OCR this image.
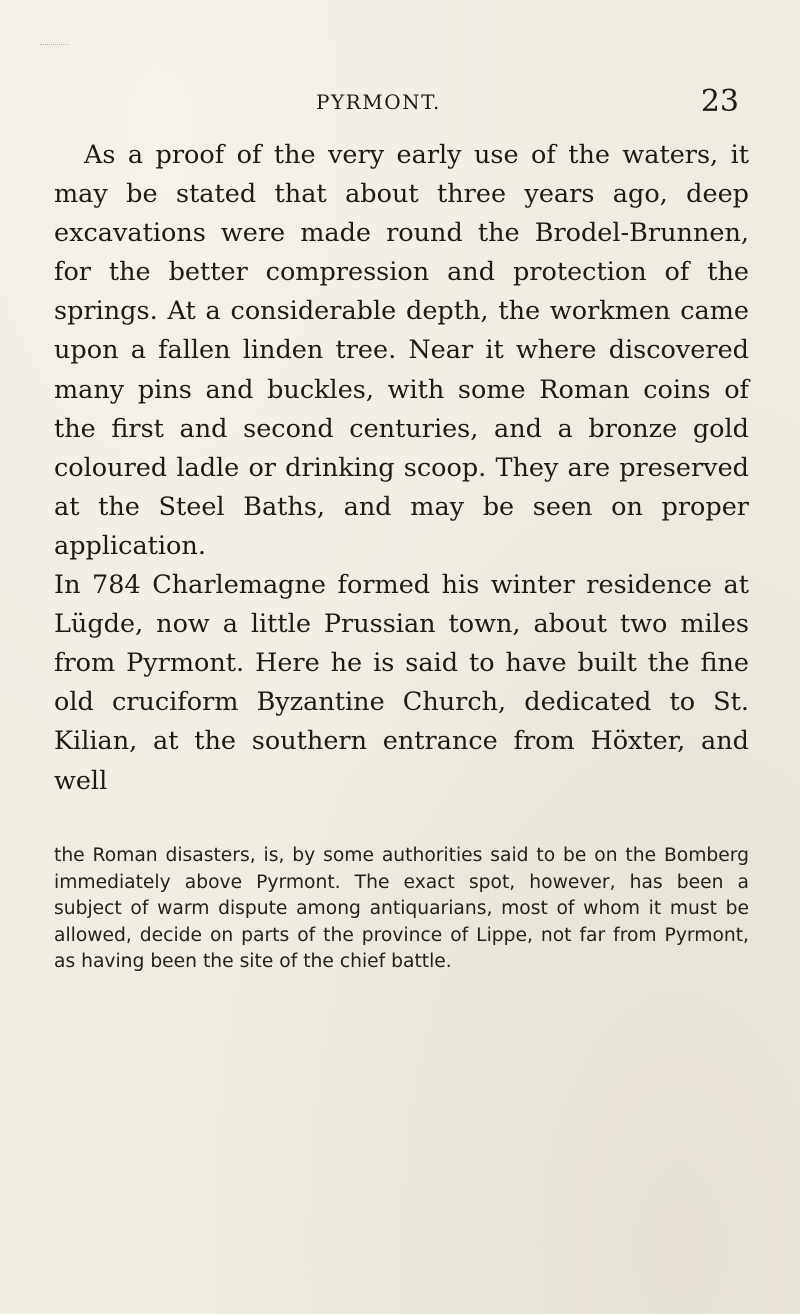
PYRMONT.	23

As a proof of the very early use of the waters, it may be stated that about three years ago, deep excavations were made round the Brodel-Brunnen, for the better compression and protection of the springs. At a considerable depth, the workmen came upon a fallen linden tree. Near it where discovered many pins and buckles, with some Roman coins of the first and second centuries, and a bronze gold coloured ladle or drinking scoop. They are preserved at the Steel Baths, and may be seen on proper application.

In 784 Charlemagne formed his winter residence at Lügde, now a little Prussian town, about two miles from Pyrmont. Here he is said to have built the fine old cruciform Byzantine Church, dedicated to St. Kilian, at the southern entrance from Höxter, and well

the Roman disasters, is, by some authorities said to be on the Bomberg immediately above Pyrmont. The exact spot, however, has been a subject of warm dispute among antiquarians, most of whom it must be allowed, decide on parts of the province of Lippe, not far from Pyrmont, as having been the site of the chief battle.
